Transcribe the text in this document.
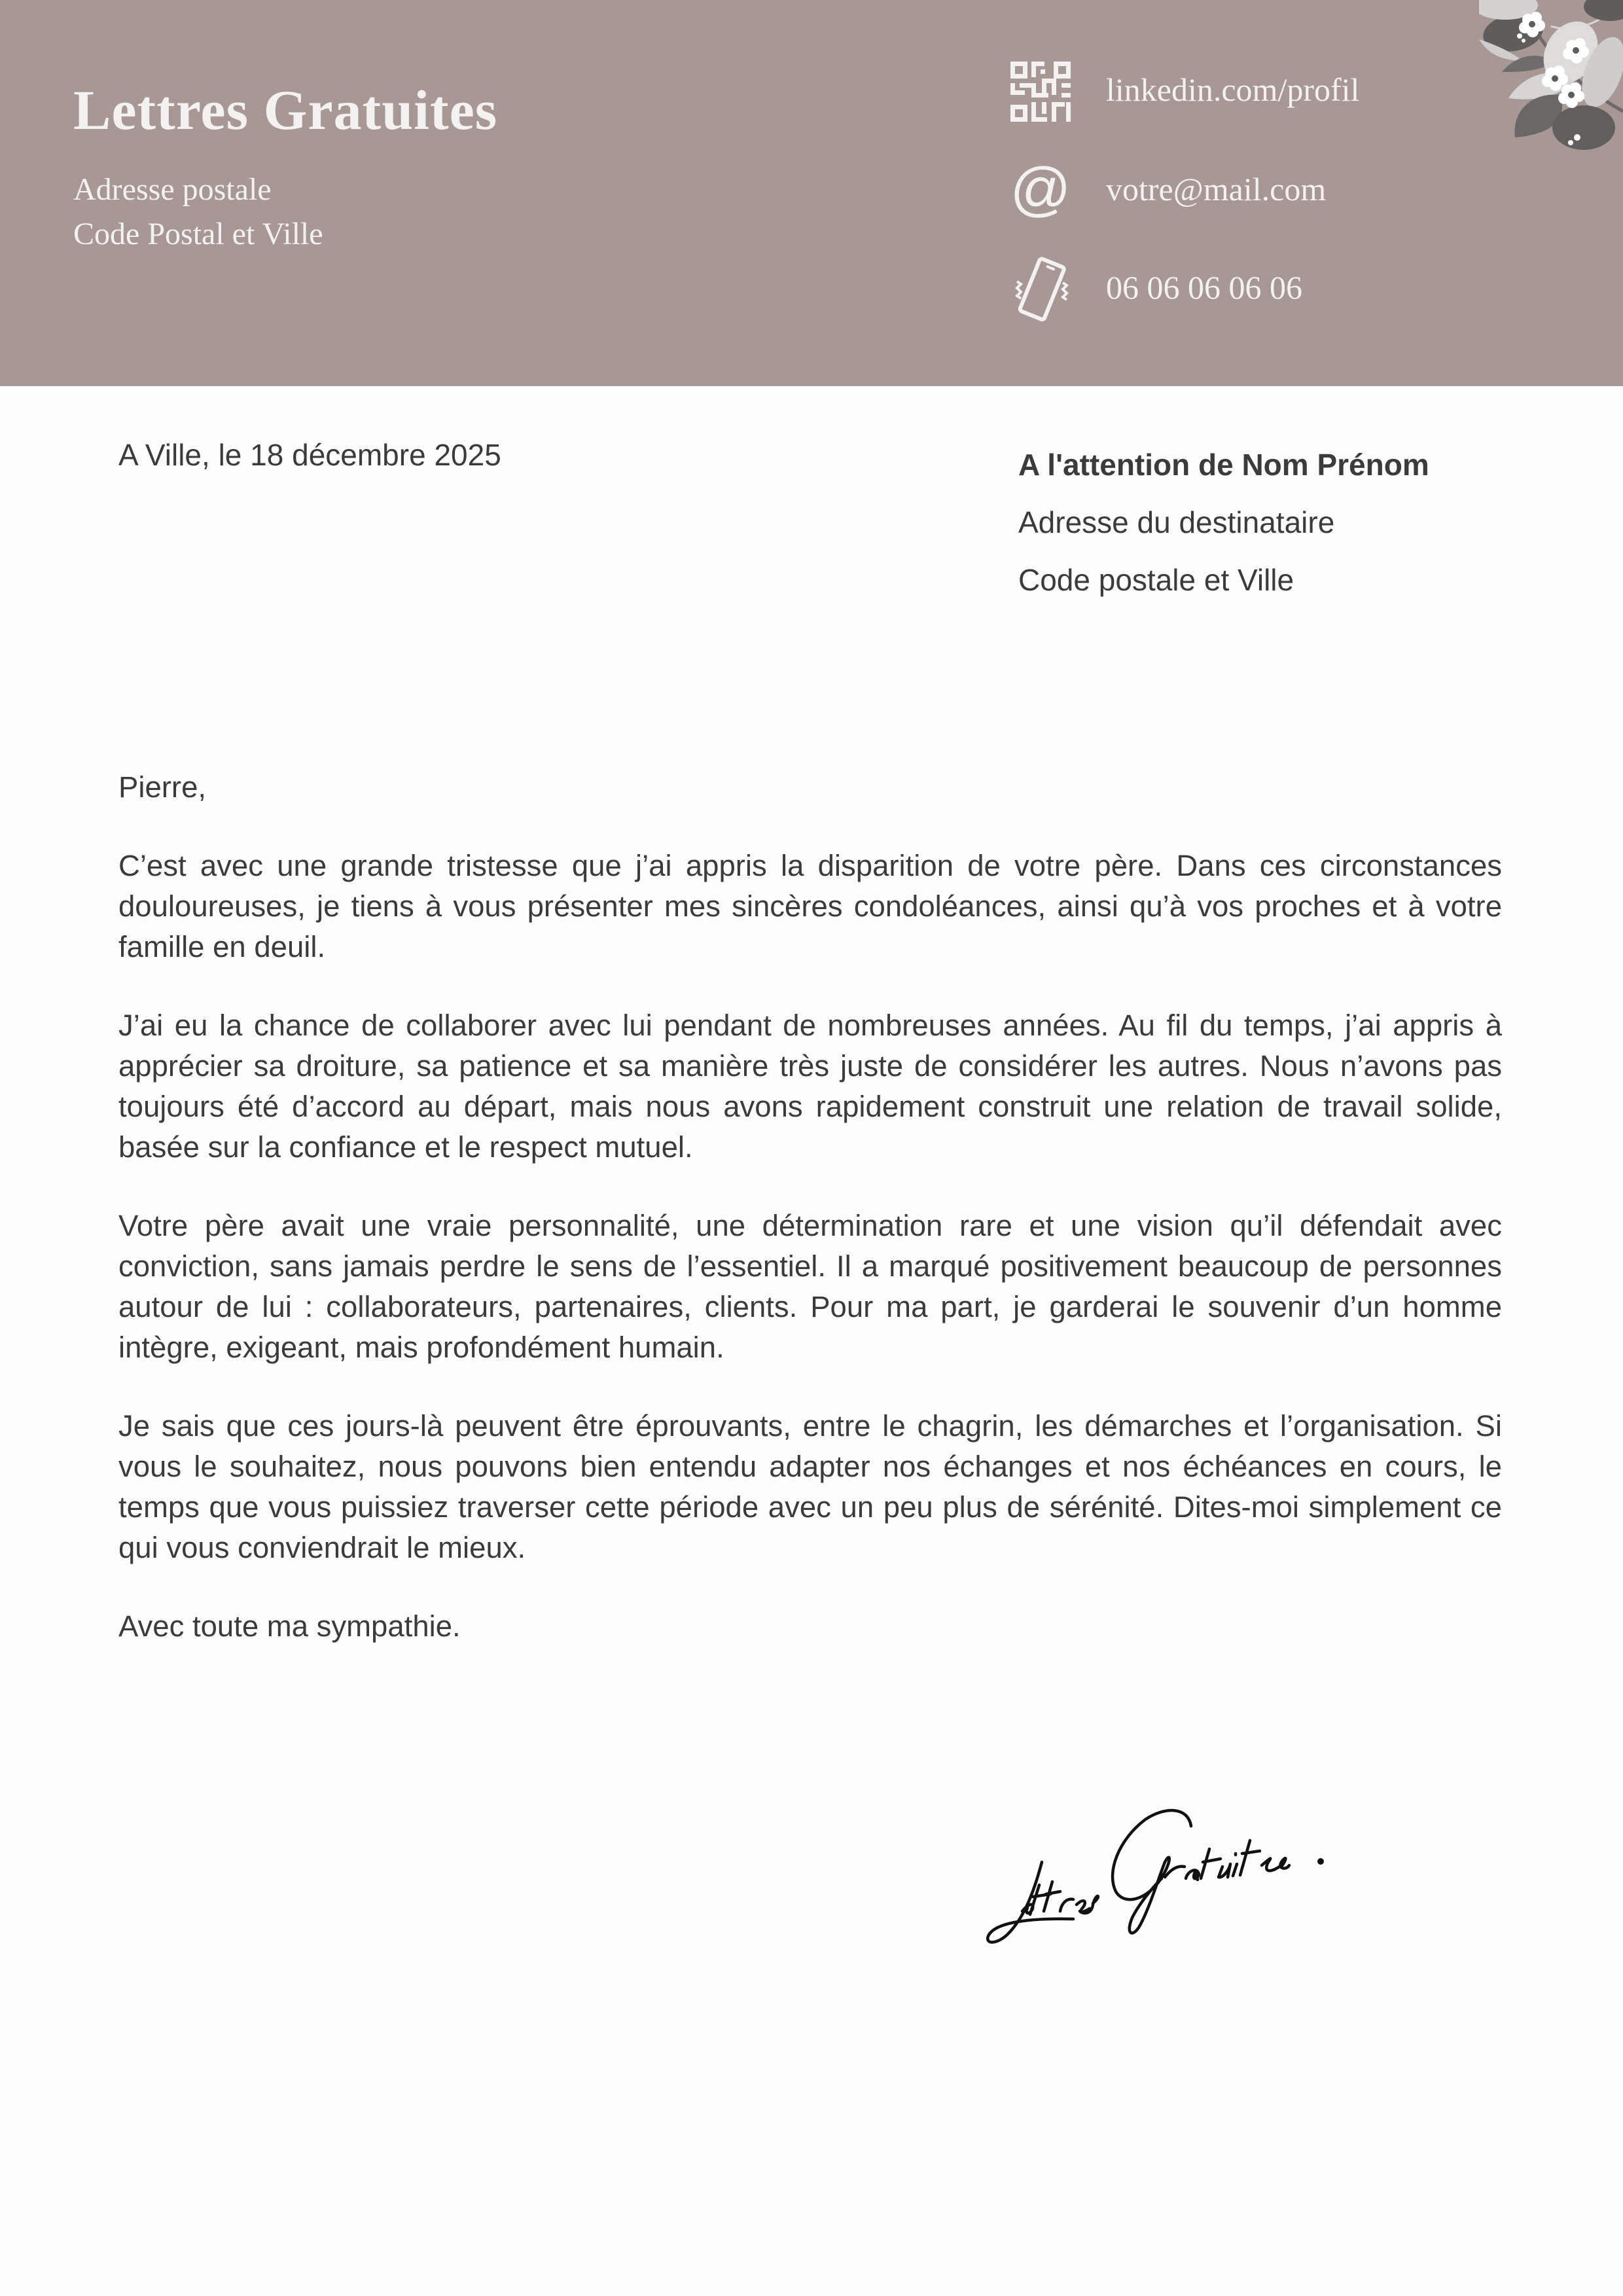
Lettres Gratuites
Adresse postale
Code Postal et Ville
linkedin.com/profil
@ votre@mail.com
06 06 06 06 06
A Ville, le 18 décembre 2025	A l'attention de Nom Prénom
Adresse du destinataire
Code postale et Ville

Pierre,

C’est avec une grande tristesse que j’ai appris la disparition de votre père. Dans ces circonstances douloureuses, je tiens à vous présenter mes sincères condoléances, ainsi qu’à vos proches et à votre famille en deuil.

J’ai eu la chance de collaborer avec lui pendant de nombreuses années. Au fil du temps, j’ai appris à apprécier sa droiture, sa patience et sa manière très juste de considérer les autres. Nous n’avons pas toujours été d’accord au départ, mais nous avons rapidement construit une relation de travail solide, basée sur la confiance et le respect mutuel.

Votre père avait une vraie personnalité, une détermination rare et une vision qu’il défendait avec conviction, sans jamais perdre le sens de l’essentiel. Il a marqué positivement beaucoup de personnes autour de lui : collaborateurs, partenaires, clients. Pour ma part, je garderai le souvenir d’un homme intègre, exigeant, mais profondément humain.

Je sais que ces jours-là peuvent être éprouvants, entre le chagrin, les démarches et l’organisation. Si vous le souhaitez, nous pouvons bien entendu adapter nos échanges et nos échéances en cours, le temps que vous puissiez traverser cette période avec un peu plus de sérénité. Dites-moi simplement ce qui vous conviendrait le mieux.

Avec toute ma sympathie.
